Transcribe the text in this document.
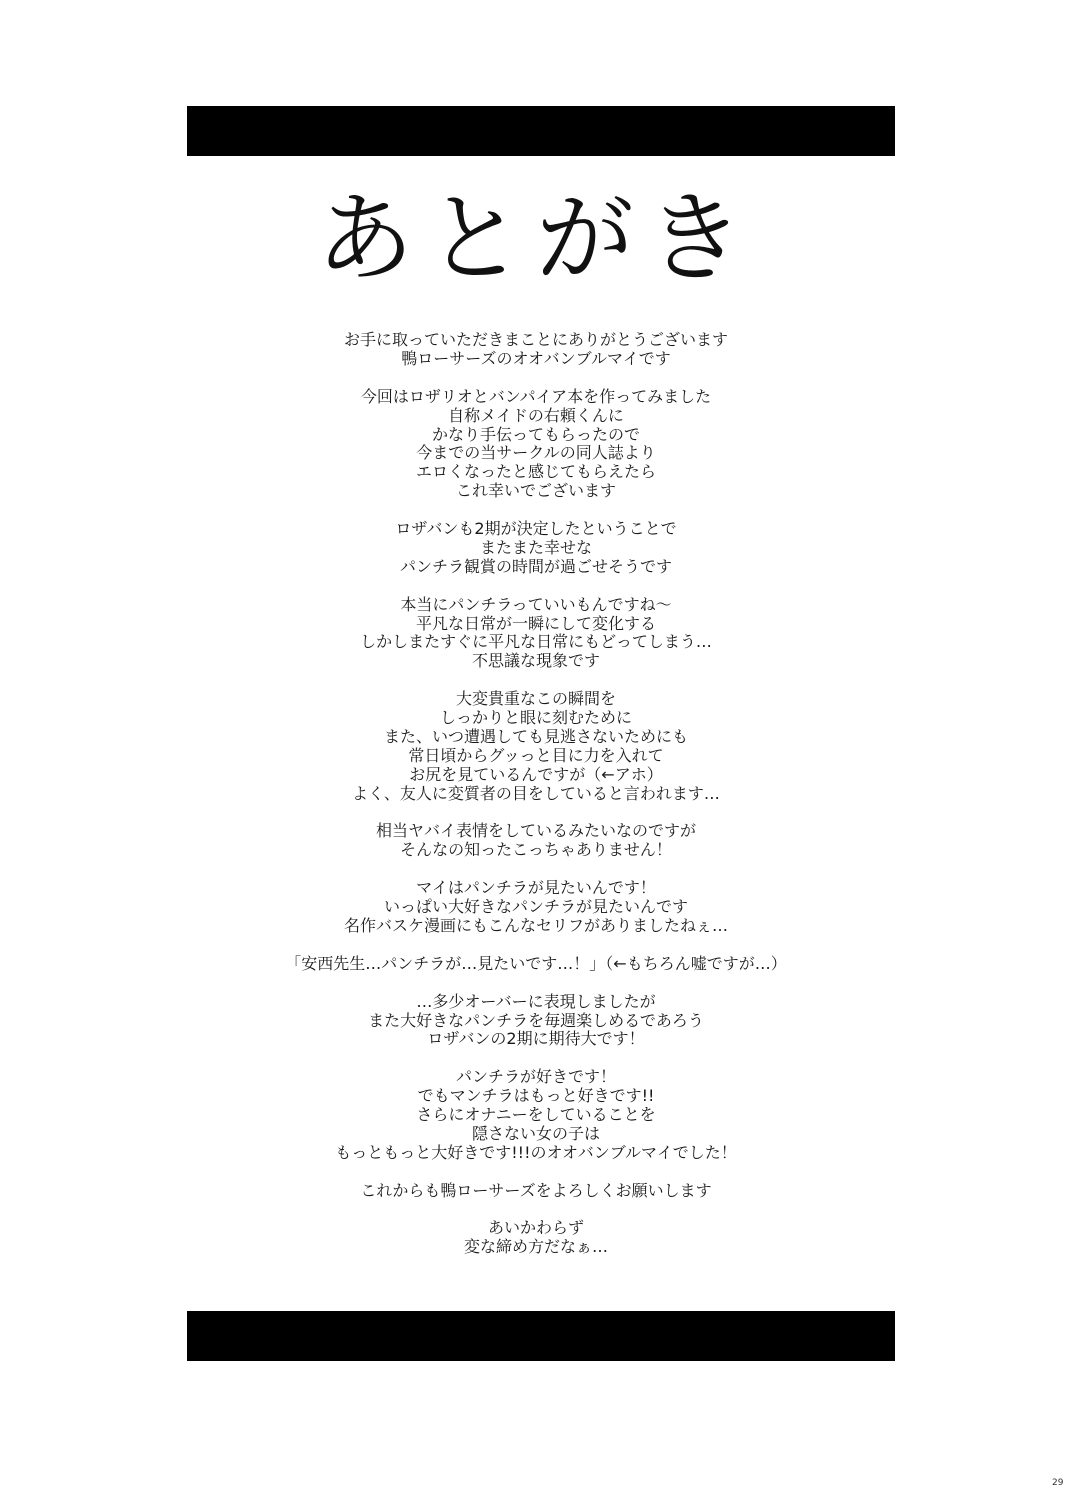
あとがき
お手に取っていただきまことにありがとうございます
鴨ローサーズのオオバンブルマイです
今回はロザリオとバンパイア本を作ってみました
自称メイドの右頼くんに
かなり手伝ってもらったので
今までの当サークルの同人誌より
エロくなったと感じてもらえたら
これ幸いでございます
ロザバンも2期が決定したということで
またまた幸せな
パンチラ観賞の時間が過ごせそうです
本当にパンチラっていいもんですね～
平凡な日常が一瞬にして変化する
しかしまたすぐに平凡な日常にもどってしまう…
不思議な現象です
大変貴重なこの瞬間を
しっかりと眼に刻むために
また、いつ遭遇しても見逃さないためにも
常日頃からグッっと目に力を入れて
お尻を見ているんですが（←アホ）
よく、友人に変質者の目をしていると言われます…
相当ヤバイ表情をしているみたいなのですが
そんなの知ったこっちゃありません！
マイはパンチラが見たいんです！
いっぱい大好きなパンチラが見たいんです
名作バスケ漫画にもこんなセリフがありましたねぇ…
「安西先生…パンチラが…見たいです…！」（←もちろん嘘ですが…）
…多少オーバーに表現しましたが
また大好きなパンチラを毎週楽しめるであろう
ロザバンの2期に期待大です！
パンチラが好きです！
でもマンチラはもっと好きです!!
さらにオナニーをしていることを
隠さない女の子は
もっともっと大好きです!!!のオオバンブルマイでした！
これからも鴨ローサーズをよろしくお願いします
あいかわらず
変な締め方だなぁ…
29
